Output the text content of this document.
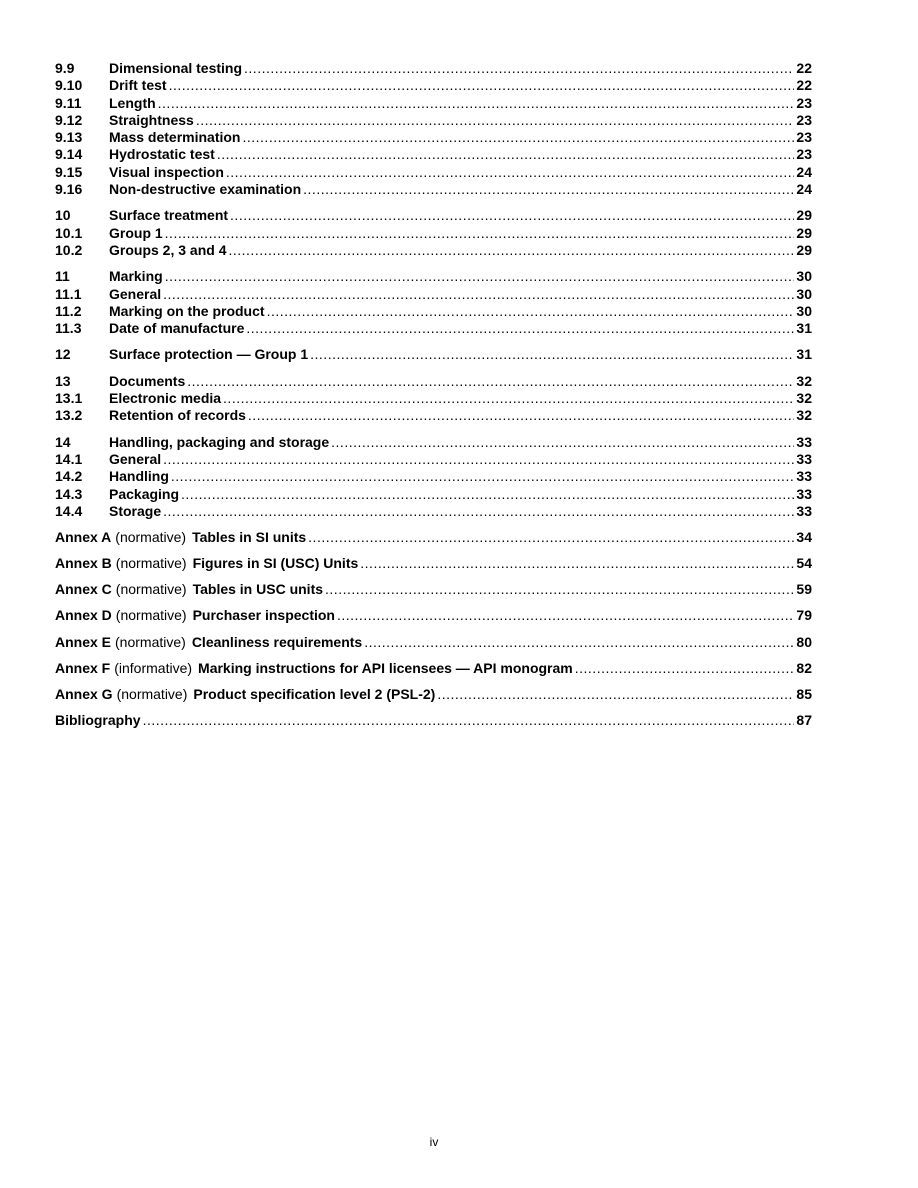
9.9	Dimensional testing .....	22
9.10	Drift test .....	22
9.11	Length .....	23
9.12	Straightness .....	23
9.13	Mass determination .....	23
9.14	Hydrostatic test .....	23
9.15	Visual inspection .....	24
9.16	Non-destructive examination .....	24
10	Surface treatment .....	29
10.1	Group 1 .....	29
10.2	Groups 2, 3 and 4 .....	29
11	Marking .....	30
11.1	General .....	30
11.2	Marking on the product .....	30
11.3	Date of manufacture .....	31
12	Surface protection — Group 1 .....	31
13	Documents .....	32
13.1	Electronic media .....	32
13.2	Retention of records .....	32
14	Handling, packaging and storage .....	33
14.1	General .....	33
14.2	Handling .....	33
14.3	Packaging .....	33
14.4	Storage .....	33
Annex A (normative) Tables in SI units .....	34
Annex B (normative) Figures in SI (USC) Units .....	54
Annex C (normative) Tables in USC units .....	59
Annex D (normative) Purchaser inspection .....	79
Annex E (normative) Cleanliness requirements .....	80
Annex F (informative) Marking instructions for API licensees — API monogram .....	82
Annex G (normative) Product specification level 2 (PSL-2) .....	85
Bibliography .....	87
iv
